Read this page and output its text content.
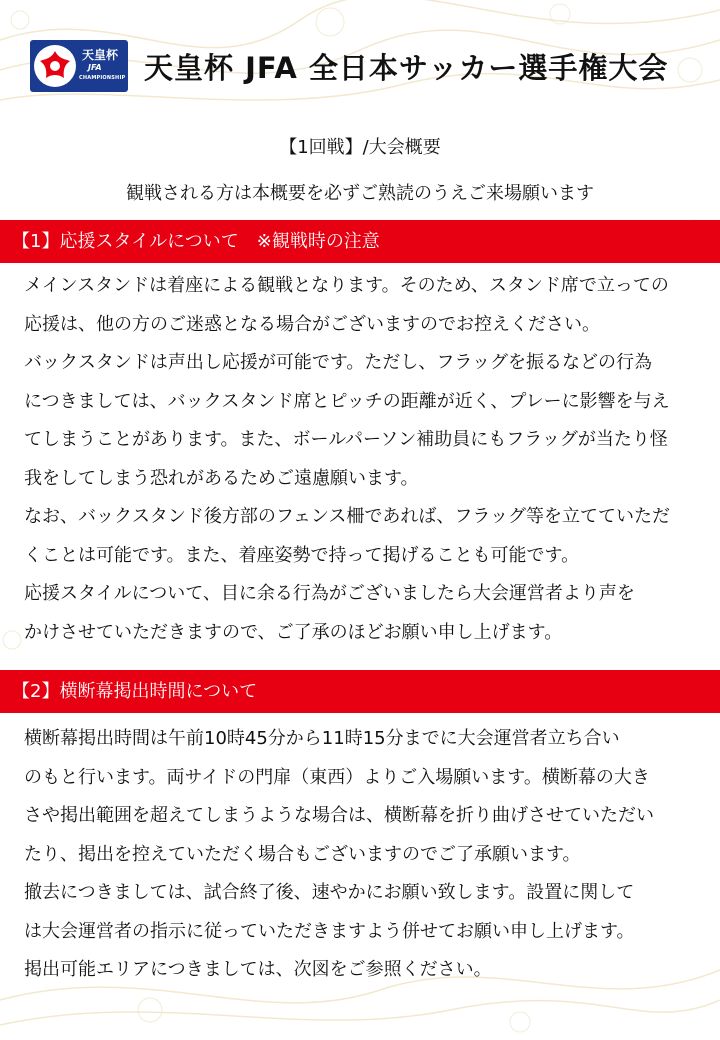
天皇杯
JFA
CHAMPIONSHIP 天皇杯 JFA 全日本サッカー選手権大会
【1回戦】/大会概要
観戦される方は本概要を必ずご熟読のうえご来場願います
【1】応援スタイルについて　※観戦時の注意
メインスタンドは着座による観戦となります。そのため、スタンド席で立っての
応援は、他の方のご迷惑となる場合がございますのでお控えください。
バックスタンドは声出し応援が可能です。ただし、フラッグを振るなどの行為
につきましては、バックスタンド席とピッチの距離が近く、プレーに影響を与え
てしまうことがあります。また、ボールパーソン補助員にもフラッグが当たり怪
我をしてしまう恐れがあるためご遠慮願います。
なお、バックスタンド後方部のフェンス柵であれば、フラッグ等を立てていただ
くことは可能です。また、着座姿勢で持って掲げることも可能です。
応援スタイルについて、目に余る行為がございましたら大会運営者より声を
かけさせていただきますので、ご了承のほどお願い申し上げます。
【2】横断幕掲出時間について
横断幕掲出時間は午前10時45分から11時15分までに大会運営者立ち合い
のもと行います。両サイドの門扉（東西）よりご入場願います。横断幕の大き
さや掲出範囲を超えてしまうような場合は、横断幕を折り曲げさせていただい
たり、掲出を控えていただく場合もございますのでご了承願います。
撤去につきましては、試合終了後、速やかにお願い致します。設置に関して
は大会運営者の指示に従っていただきますよう併せてお願い申し上げます。
掲出可能エリアにつきましては、次図をご参照ください。
